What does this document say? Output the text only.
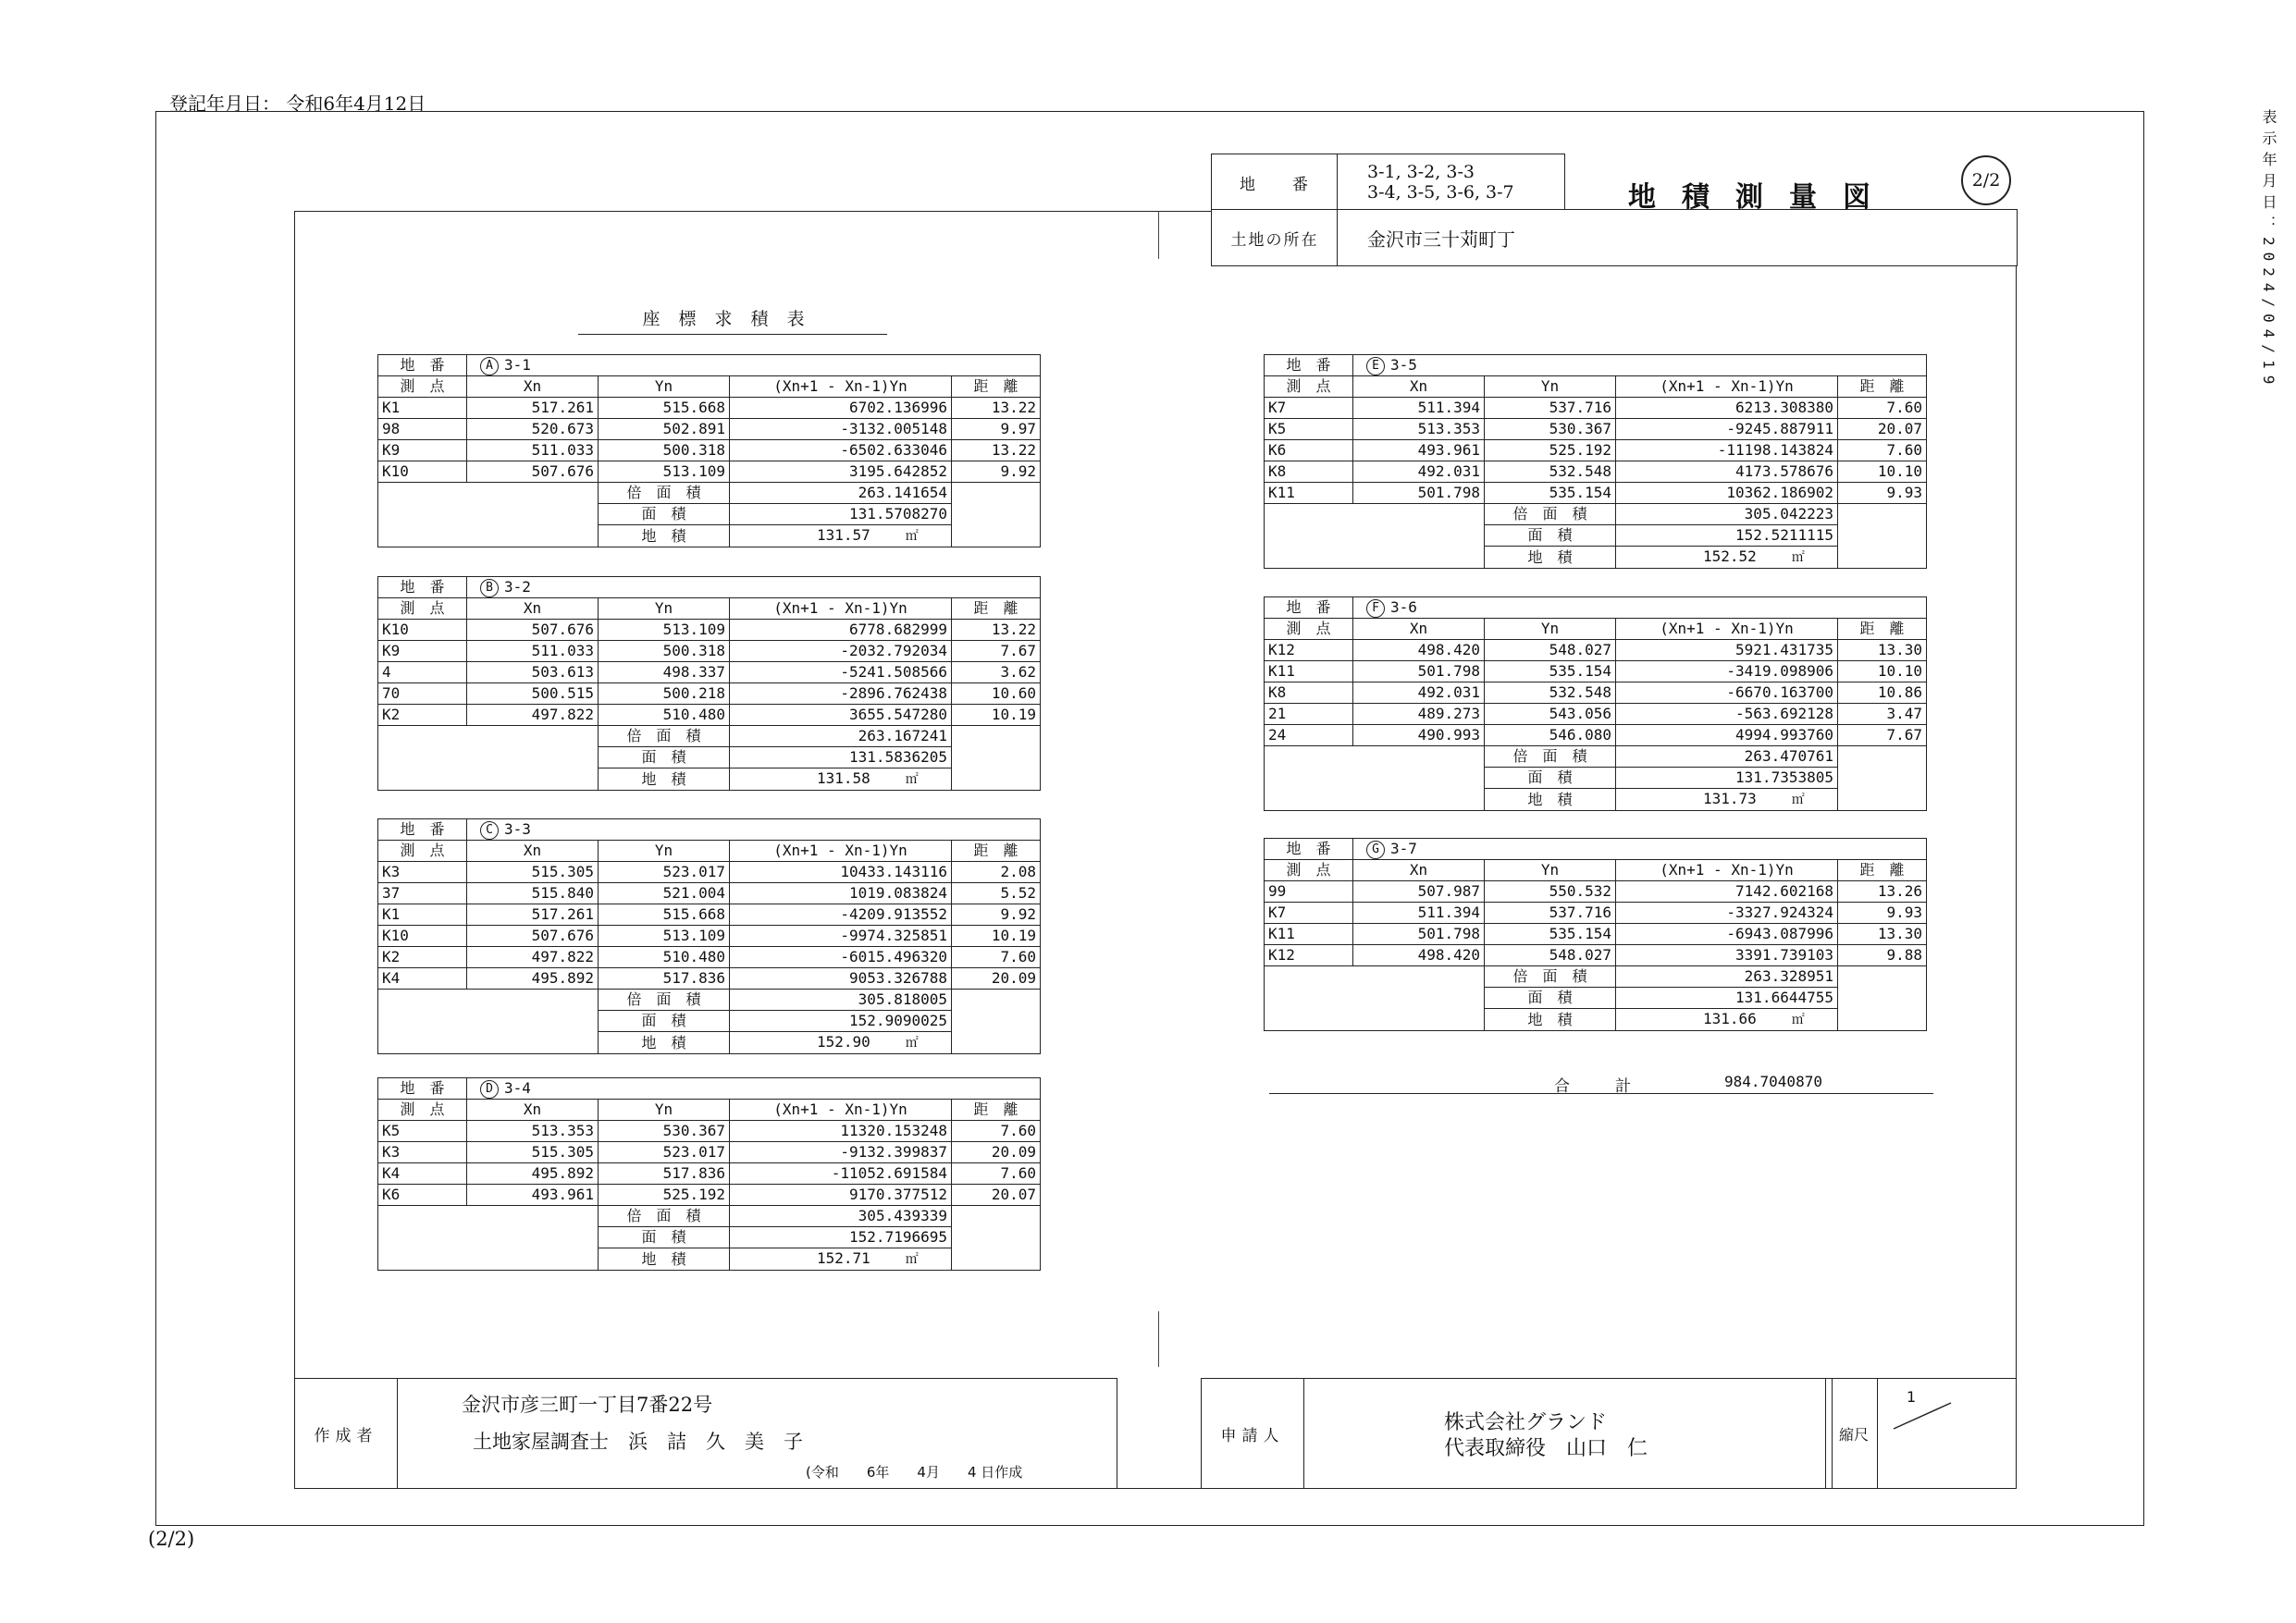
登記年月日： 令和6年4月12日
表示年月日：2024/04/19
(2/2)
地　　番
3-1, 3-2, 3-3
3-4, 3-5, 3-6, 3-7
土地の所在	金沢市三十苅町丁
地積測量図
2/2
座標求積表
地　番	A 3-1			
測　点	Xn	Yn	(Xn+1 - Xn-1)Yn	距　離
K1	517.261	515.668	6702.136996	13.22
98	520.673	502.891	-3132.005148	9.97
K9	511.033	500.318	-6502.633046	13.22
K10	507.676	513.109	3195.642852	9.92
		倍　面　積	263.141654	
		面　積	131.5708270	
		地　積	131.57 ㎡	
地　番	B 3-2			
測　点	Xn	Yn	(Xn+1 - Xn-1)Yn	距　離
K10	507.676	513.109	6778.682999	13.22
K9	511.033	500.318	-2032.792034	7.67
4	503.613	498.337	-5241.508566	3.62
70	500.515	500.218	-2896.762438	10.60
K2	497.822	510.480	3655.547280	10.19
		倍　面　積	263.167241	
		面　積	131.5836205	
		地　積	131.58 ㎡	
地　番	C 3-3			
測　点	Xn	Yn	(Xn+1 - Xn-1)Yn	距　離
K3	515.305	523.017	10433.143116	2.08
37	515.840	521.004	1019.083824	5.52
K1	517.261	515.668	-4209.913552	9.92
K10	507.676	513.109	-9974.325851	10.19
K2	497.822	510.480	-6015.496320	7.60
K4	495.892	517.836	9053.326788	20.09
		倍　面　積	305.818005	
		面　積	152.9090025	
		地　積	152.90 ㎡	
地　番	D 3-4			
測　点	Xn	Yn	(Xn+1 - Xn-1)Yn	距　離
K5	513.353	530.367	11320.153248	7.60
K3	515.305	523.017	-9132.399837	20.09
K4	495.892	517.836	-11052.691584	7.60
K6	493.961	525.192	9170.377512	20.07
		倍　面　積	305.439339	
		面　積	152.7196695	
		地　積	152.71 ㎡	
地　番	E 3-5			
測　点	Xn	Yn	(Xn+1 - Xn-1)Yn	距　離
K7	511.394	537.716	6213.308380	7.60
K5	513.353	530.367	-9245.887911	20.07
K6	493.961	525.192	-11198.143824	7.60
K8	492.031	532.548	4173.578676	10.10
K11	501.798	535.154	10362.186902	9.93
		倍　面　積	305.042223	
		面　積	152.5211115	
		地　積	152.52 ㎡	
地　番	F 3-6			
測　点	Xn	Yn	(Xn+1 - Xn-1)Yn	距　離
K12	498.420	548.027	5921.431735	13.30
K11	501.798	535.154	-3419.098906	10.10
K8	492.031	532.548	-6670.163700	10.86
21	489.273	543.056	-563.692128	3.47
24	490.993	546.080	4994.993760	7.67
		倍　面　積	263.470761	
		面　積	131.7353805	
		地　積	131.73 ㎡	
地　番	G 3-7			
測　点	Xn	Yn	(Xn+1 - Xn-1)Yn	距　離
99	507.987	550.532	7142.602168	13.26
K7	511.394	537.716	-3327.924324	9.93
K11	501.798	535.154	-6943.087996	13.30
K12	498.420	548.027	3391.739103	9.88
		倍　面　積	263.328951	
		面　積	131.6644755	
		地　積	131.66 ㎡	
合　計	984.7040870
作成者
金沢市彦三町一丁目7番22号
土地家屋調査士　浜　詰　久　美　子
(令和　　6年　　4月　　4 日作成
申請人
株式会社グランド
代表取締役　山口　仁
縮尺
1
